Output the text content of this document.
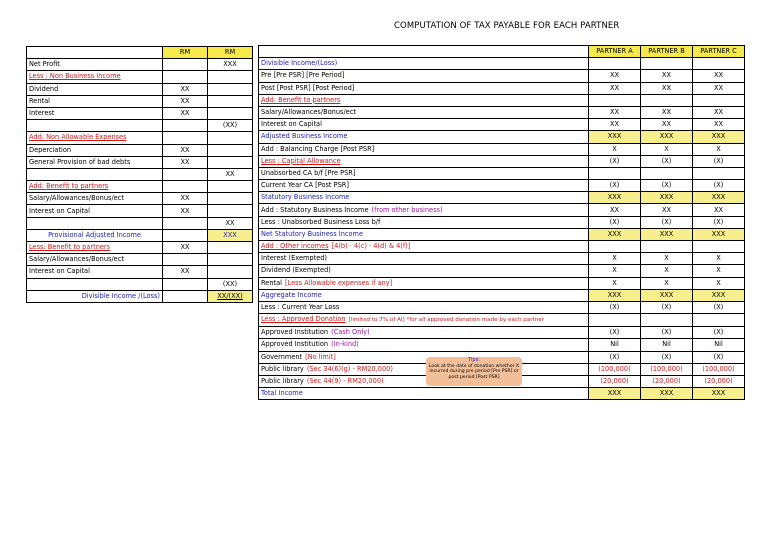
COMPUTATION OF TAX PAYABLE FOR EACH PARTNER
	RM	RM
Net Profit		XXX
Less : Non Business Income		
Dividend	XX	
Rental	XX	
Interest	XX	
		(XX)
Add: Non Allowable Expenses		
Deperciation	XX	
General Provision of bad debts	XX	
		XX
Add: Benefit to partners		
Salary/Allowances/Bonus/ect	XX	
Interest on Capital	XX	
		XX
Provisional Adjusted Income		XXX
Less: Benefit to partners	XX	
Salary/Allowances/Bonus/ect		
Interest on Capital	XX	
		(XX)
Divisible Income /(Loss)		XX/(XX)
	PARTNER A	PARTNER B	PARTNER C
Divisible Income/(Loss)			
Pre [Pre PSR] [Pre Period]	XX	XX	XX
Post [Post PSR] [Post Period]	XX	XX	XX
Add: Benefit to partners			
Salary/Allowances/Bonus/ect	XX	XX	XX
Interest on Capital	XX	XX	XX
Adjusted Business Income	XXX	XXX	XXX
Add : Balancing Charge [Post PSR]	X	X	X
Less : Capital Allowance	(X)	(X)	(X)
Unabsorbed CA b/f [Pre PSR]			
Current Year CA [Post PSR]	(X)	(X)	(X)
Statutory Business Income	XXX	XXX	XXX
Add : Statutory Business Income (from other business)	XX	XX	XX
Less : Unabsorbed Business Loss b/f	(X)	(X)	(X)
Net Statutory Business Income	XXX	XXX	XXX
Add : Other incomes [4(b) · 4(c) · 4(d) & 4(f)]			
Interest (Exempted)	X	X	X
Dividend (Exempted)	X	X	X
Rental [Less Allowable expenses if any]	X	X	X
Aggregate Income	XXX	XXX	XXX
Less : Current Year Loss	(X)	(X)	(X)
Less : Approved Donation [limited to 7% of AI] *for all approved donation made by each partner			
Approved Institution (Cash Only)	(X)	(X)	(X)
Approved Institution (In-kind)	Nil	Nil	Nil
Government [No limit]	(X)	(X)	(X)
Public library (Sec 34(6)(g) - RM20,000)	(100,000)	(100,000)	(100,000)
Public library (Sec 44(9) - RM20,000)	(20,000)	(20,000)	(20,000)
Total Income	XXX	XXX	XXX
Tips:
Look at the date of donation whether it incurred during pre period [Pre PSR] or post period [Post PSR]
